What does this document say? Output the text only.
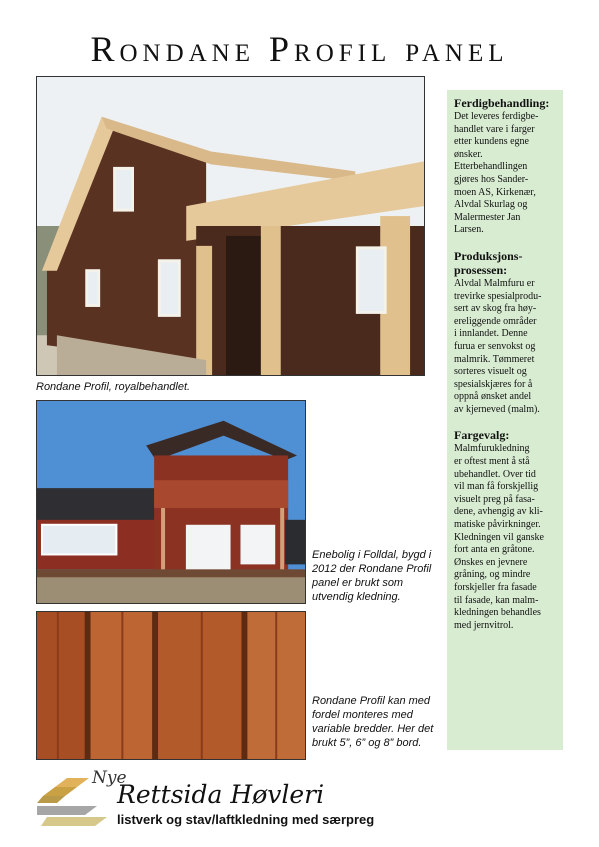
Rondane Profil panel
Rondane Profil, royalbehandlet.
Enebolig i Folldal, bygd i 2012 der Rondane Profil panel er brukt som utvendig kledning.
Rondane Profil kan med fordel monteres med variable bredder. Her det brukt 5”, 6” og 8” bord.
Ferdigbehandling:

Det leveres ferdigbe-
handlet vare i farger
etter kundens egne
ønsker.
Etterbehandlingen
gjøres hos Sander-
moen AS, Kirkenær,
Alvdal Skurlag og
Malermester Jan
Larsen.

Produksjons-
prosessen:

Alvdal Malmfuru er
trevirke spesialprodu-
sert av skog fra høy-
ereliggende områder
i innlandet. Denne
furua er senvokst og
malmrik. Tømmeret
sorteres visuelt og
spesialskjæres for å
oppnå ønsket andel
av kjerneved (malm).

Fargevalg:

Malmfurukledning
er oftest ment å stå
ubehandlet. Over tid
vil man få forskjellig
visuelt preg på fasa-
dene, avhengig av kli-
matiske påvirkninger.
Kledningen vil ganske
fort anta en gråtone.
Ønskes en jevnere
gråning, og mindre
forskjeller fra fasade
til fasade, kan malm-
kledningen behandles
med jernvitrol.

Nye
Rettsida Høvleri
listverk og stav/laftkledning med særpreg
